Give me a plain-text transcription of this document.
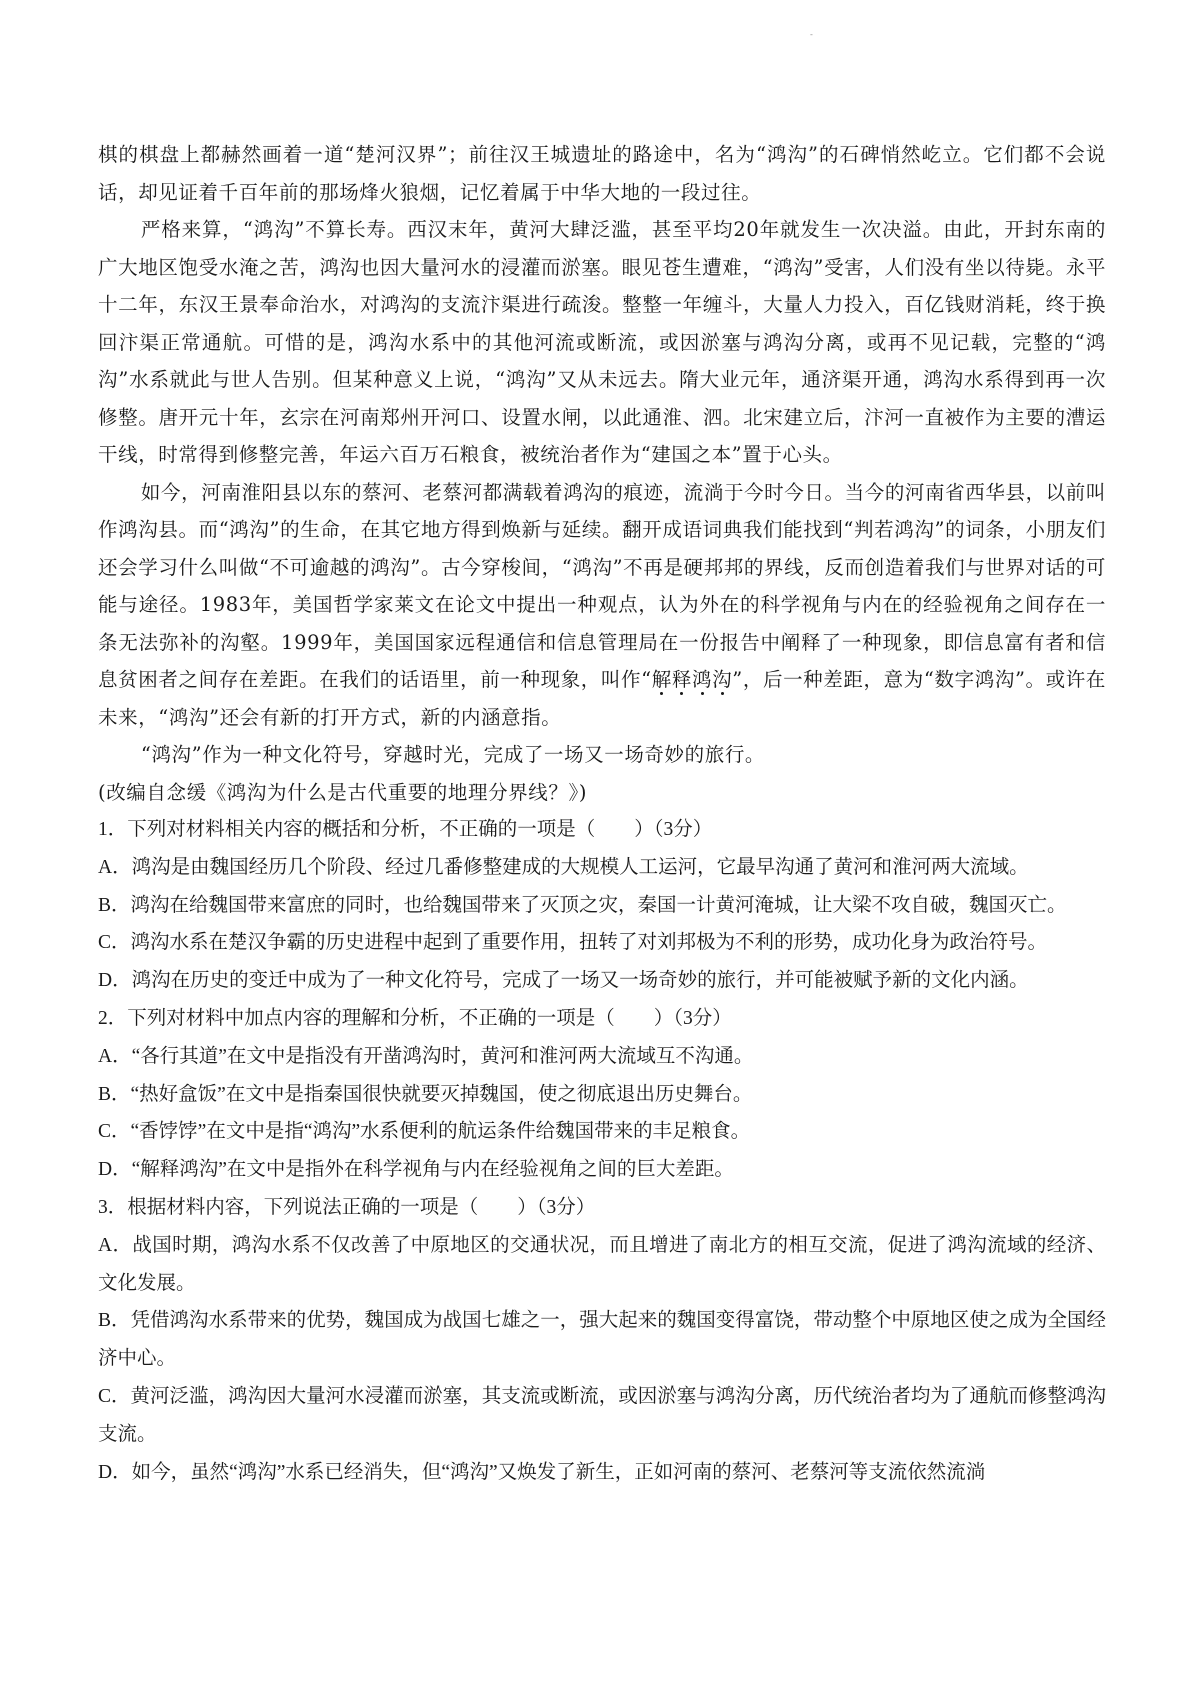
-

棋的棋盘上都赫然画着一道“楚河汉界”；前往汉王城遗址的路途中，名为“鸿沟”的石碑悄然屹立。它们都不会说话，却见证着千百年前的那场烽火狼烟，记忆着属于中华大地的一段过往。

严格来算，“鸿沟”不算长寿。西汉末年，黄河大肆泛滥，甚至平均20年就发生一次决溢。由此，开封东南的广大地区饱受水淹之苦，鸿沟也因大量河水的浸灌而淤塞。眼见苍生遭难，“鸿沟”受害，人们没有坐以待毙。永平十二年，东汉王景奉命治水，对鸿沟的支流汴渠进行疏浚。整整一年缠斗，大量人力投入，百亿钱财消耗，终于换回汴渠正常通航。可惜的是，鸿沟水系中的其他河流或断流，或因淤塞与鸿沟分离，或再不见记载，完整的“鸿沟”水系就此与世人告别。但某种意义上说，“鸿沟”又从未远去。隋大业元年，通济渠开通，鸿沟水系得到再一次修整。唐开元十年，玄宗在河南郑州开河口、设置水闸，以此通淮、泗。北宋建立后，汴河一直被作为主要的漕运干线，时常得到修整完善，年运六百万石粮食，被统治者作为“建国之本”置于心头。

如今，河南淮阳县以东的蔡河、老蔡河都满载着鸿沟的痕迹，流淌于今时今日。当今的河南省西华县，以前叫作鸿沟县。而“鸿沟”的生命，在其它地方得到焕新与延续。翻开成语词典我们能找到“判若鸿沟”的词条，小朋友们还会学习什么叫做“不可逾越的鸿沟”。古今穿梭间，“鸿沟”不再是硬邦邦的界线，反而创造着我们与世界对话的可能与途径。1983年，美国哲学家莱文在论文中提出一种观点，认为外在的科学视角与内在的经验视角之间存在一条无法弥补的沟壑。1999年，美国国家远程通信和信息管理局在一份报告中阐释了一种现象，即信息富有者和信息贫困者之间存在差距。在我们的话语里，前一种现象，叫作“解释鸿沟”，后一种差距，意为“数字鸿沟”。或许在未来，“鸿沟”还会有新的打开方式，新的内涵意指。

“鸿沟”作为一种文化符号，穿越时光，完成了一场又一场奇妙的旅行。

(改编自念缓《鸿沟为什么是古代重要的地理分界线？》)

1．下列对材料相关内容的概括和分析，不正确的一项是（　　）（3分）

A．鸿沟是由魏国经历几个阶段、经过几番修整建成的大规模人工运河，它最早沟通了黄河和淮河两大流域。

B．鸿沟在给魏国带来富庶的同时，也给魏国带来了灭顶之灾，秦国一计黄河淹城，让大梁不攻自破，魏国灭亡。

C．鸿沟水系在楚汉争霸的历史进程中起到了重要作用，扭转了对刘邦极为不利的形势，成功化身为政治符号。

D．鸿沟在历史的变迁中成为了一种文化符号，完成了一场又一场奇妙的旅行，并可能被赋予新的文化内涵。

2．下列对材料中加点内容的理解和分析，不正确的一项是（　　）（3分）

A．“各行其道”在文中是指没有开凿鸿沟时，黄河和淮河两大流域互不沟通。

B．“热好盒饭”在文中是指秦国很快就要灭掉魏国，使之彻底退出历史舞台。

C．“香饽饽”在文中是指“鸿沟”水系便利的航运条件给魏国带来的丰足粮食。

D．“解释鸿沟”在文中是指外在科学视角与内在经验视角之间的巨大差距。

3．根据材料内容，下列说法正确的一项是（　　）（3分）

A．战国时期，鸿沟水系不仅改善了中原地区的交通状况，而且增进了南北方的相互交流，促进了鸿沟流域的经济、文化发展。

B．凭借鸿沟水系带来的优势，魏国成为战国七雄之一，强大起来的魏国变得富饶，带动整个中原地区使之成为全国经济中心。

C．黄河泛滥，鸿沟因大量河水浸灌而淤塞，其支流或断流，或因淤塞与鸿沟分离，历代统治者均为了通航而修整鸿沟支流。

D．如今，虽然“鸿沟”水系已经消失，但“鸿沟”又焕发了新生，正如河南的蔡河、老蔡河等支流依然流淌
